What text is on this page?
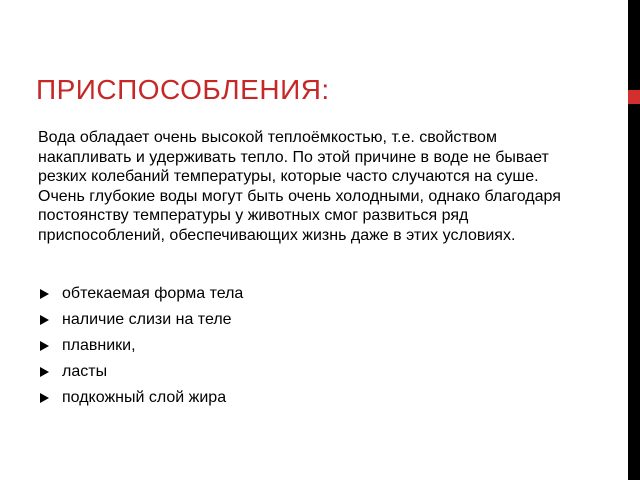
ПРИСПОСОБЛЕНИЯ:

Вода обладает очень высокой теплоёмкостью, т.е. свойством накапливать и удерживать тепло. По этой причине в воде не бывает резких колебаний температуры, которые часто случаются на суше. Очень глубокие воды могут быть очень холодными, однако благодаря постоянству температуры у животных смог развиться ряд приспособлений, обеспечивающих жизнь даже в этих условиях.

обтекаемая форма тела
наличие слизи на теле
плавники,
ласты
подкожный слой жира
